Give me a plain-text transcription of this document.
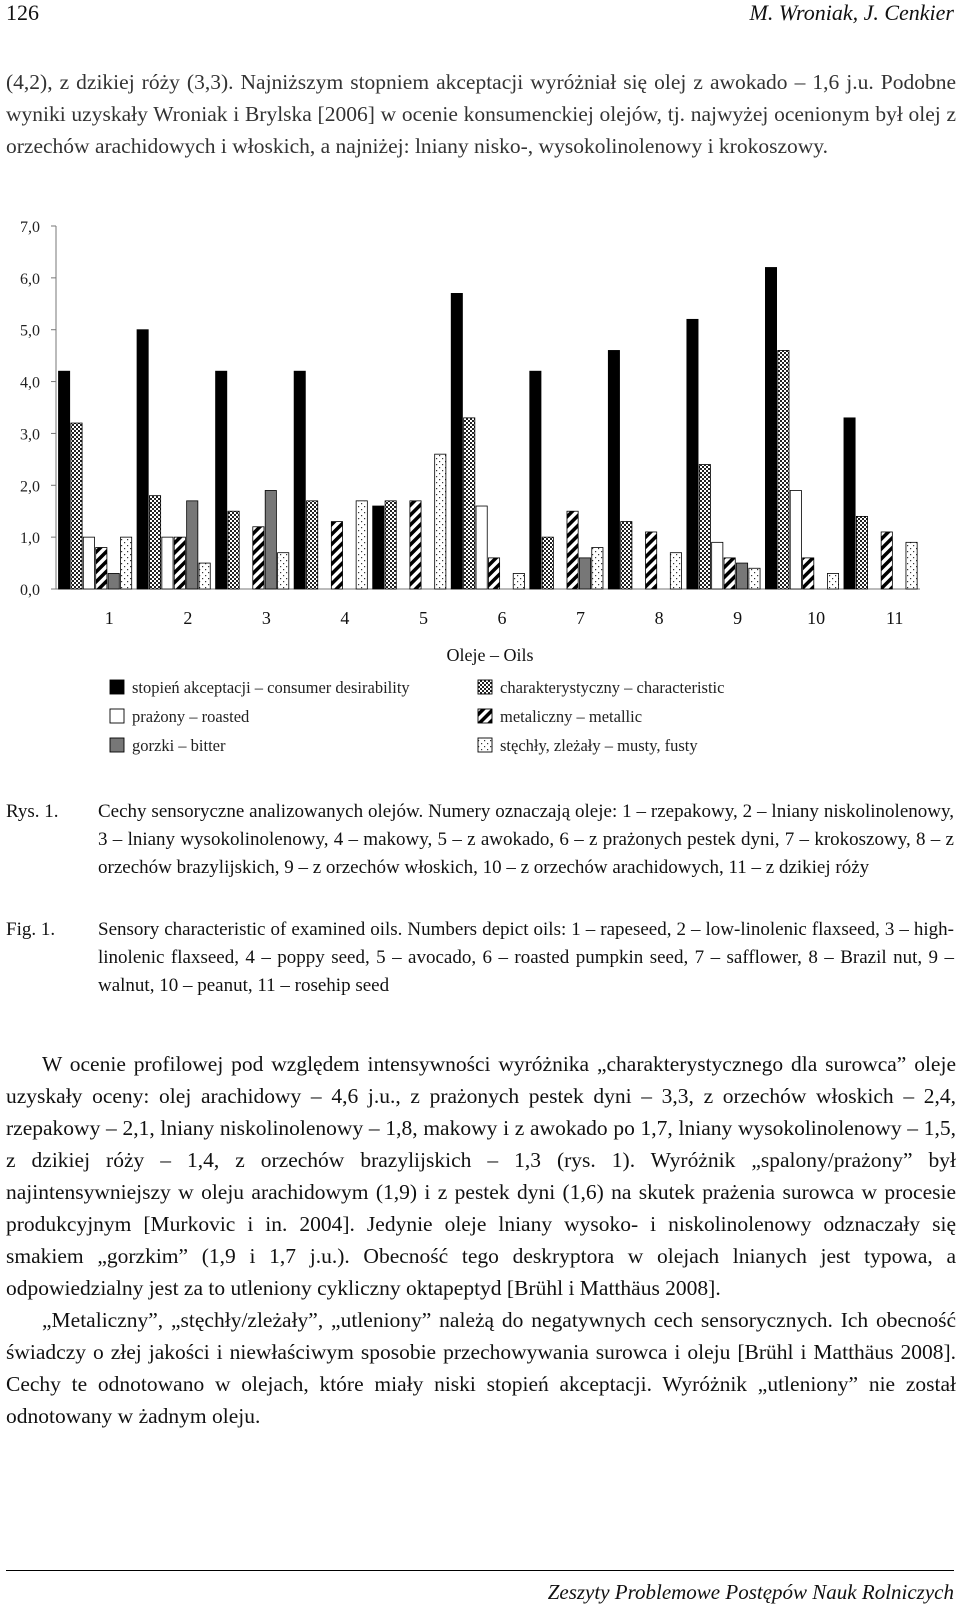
126	M. Wroniak, J. Cenkier

(4,2), z dzikiej róży (3,3). Najniższym stopniem akceptacji wyróżniał się olej z awokado – 1,6 j.u. Podobne wyniki uzyskały Wroniak i Brylska [2006] w ocenie konsumenckiej olejów, tj. najwyżej ocenionym był olej z orzechów arachidowych i włoskich, a najniżej: lniany nisko-, wysokolinolenowy i krokoszowy.

0,0
1,0
2,0
3,0
4,0
5,0
6,0
7,0
1	2	3	4	5	6	7	8	9	10	11
Oleje – Oils
stopień akceptacji – consumer desirability
prażony – roasted
gorzki – bitter
charakterystyczny – characteristic
metaliczny – metallic
stęchły, zleżały – musty, fusty
Rys. 1. Cechy sensoryczne analizowanych olejów. Numery oznaczają oleje: 1 – rzepakowy, 2 – lniany niskolinolenowy, 3 – lniany wysokolinolenowy, 4 – makowy, 5 – z awokado, 6 – z prażonych pestek dyni, 7 – krokoszowy, 8 – z orzechów brazylijskich, 9 – z orzechów włoskich, 10 – z orzechów arachidowych, 11 – z dzikiej róży
Fig. 1. Sensory characteristic of examined oils. Numbers depict oils: 1 – rapeseed, 2 – low-linolenic flaxseed, 3 – high-linolenic flaxseed, 4 – poppy seed, 5 – avocado, 6 – roasted pumpkin seed, 7 – safflower, 8 – Brazil nut, 9 – walnut, 10 – peanut, 11 – rosehip seed

W ocenie profilowej pod względem intensywności wyróżnika „charakterystycznego dla surowca” oleje uzyskały oceny: olej arachidowy – 4,6 j.u., z prażonych pestek dyni – 3,3, z orzechów włoskich – 2,4, rzepakowy – 2,1, lniany niskolinolenowy – 1,8, makowy i z awokado po 1,7, lniany wysokolinolenowy – 1,5, z dzikiej róży – 1,4, z orzechów brazylijskich – 1,3 (rys. 1). Wyróżnik „spalony/prażony” był najintensywniejszy w oleju arachidowym (1,9) i z pestek dyni (1,6) na skutek prażenia surowca w procesie produkcyjnym [Murkovic i in. 2004]. Jedynie oleje lniany wysoko- i niskolinolenowy odznaczały się smakiem „gorzkim” (1,9 i 1,7 j.u.). Obecność tego deskryptora w olejach lnianych jest typowa, a odpowiedzialny jest za to utleniony cykliczny oktapeptyd [Brühl i Matthäus 2008].

„Metaliczny”, „stęchły/zleżały”, „utleniony” należą do negatywnych cech sensorycznych. Ich obecność świadczy o złej jakości i niewłaściwym sposobie przechowywania surowca i oleju [Brühl i Matthäus 2008]. Cechy te odnotowano w olejach, które miały niski stopień akceptacji. Wyróżnik „utleniony” nie został odnotowany w żadnym oleju.

Zeszyty Problemowe Postępów Nauk Rolniczych
